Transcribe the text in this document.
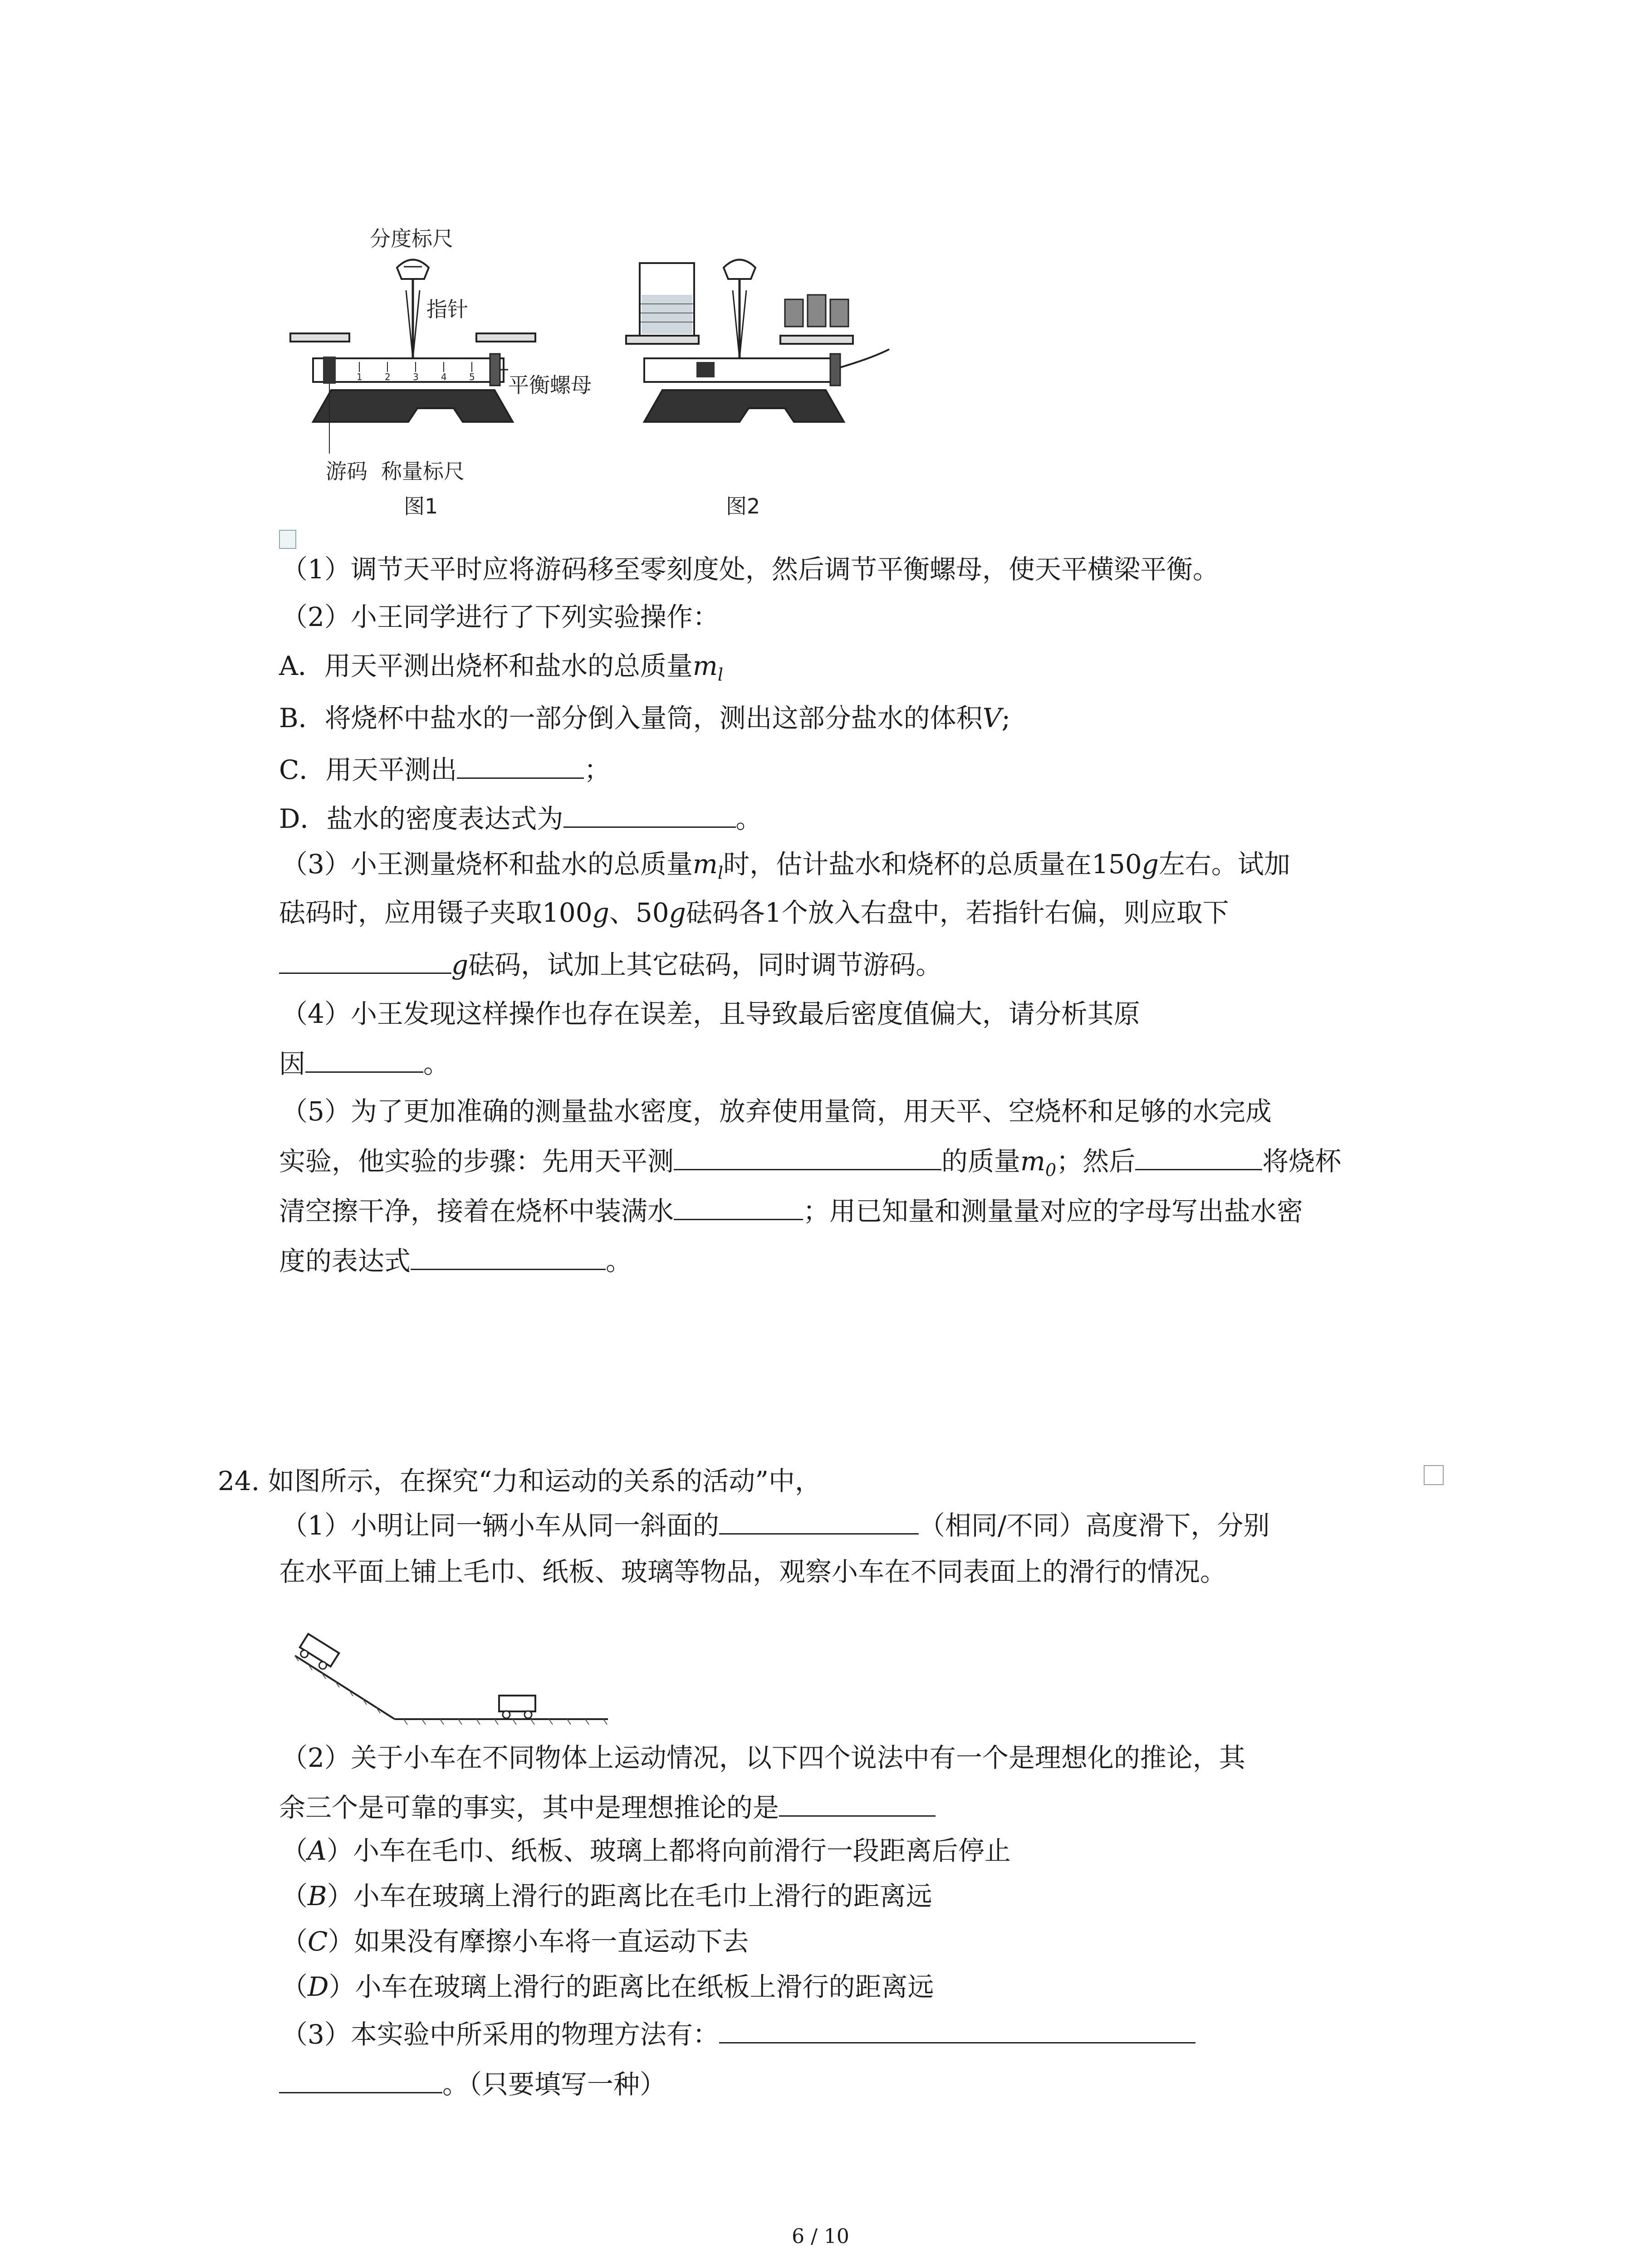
分度标尺
指针
1 2 3 4 5 平衡螺母
游码 称量标尺
图1	图2
（1）调节天平时应将游码移至零刻度处，然后调节平衡螺母，使天平横梁平衡。
（2）小王同学进行了下列实验操作：
A．用天平测出烧杯和盐水的总质量$m_l$
B．将烧杯中盐水的一部分倒入量筒，测出这部分盐水的体积V;
C．用天平测出	；
D．盐水的密度表达式为	。
（3）小王测量烧杯和盐水的总质量$m_l$时，估计盐水和烧杯的总质量在150g左右。试加
砝码时，应用镊子夹取100g、50g砝码各1个放入右盘中，若指针右偏，则应取下
g砝码，试加上其它砝码，同时调节游码。
（4）小王发现这样操作也存在误差，且导致最后密度值偏大，请分析其原
因	。
（5）为了更加准确的测量盐水密度，放弃使用量筒，用天平、空烧杯和足够的水完成
实验，他实验的步骤：先用天平测	的质量$m_0$；然后	将烧杯
清空擦干净，接着在烧杯中装满水	；用已知量和测量量对应的字母写出盐水密
度的表达式	。
24. 如图所示，在探究“力和运动的关系的活动”中，
（1）小明让同一辆小车从同一斜面的	（相同/不同）高度滑下，分别
在水平面上铺上毛巾、纸板、玻璃等物品，观察小车在不同表面上的滑行的情况。
（2）关于小车在不同物体上运动情况，以下四个说法中有一个是理想化的推论，其
余三个是可靠的事实，其中是理想推论的是
（A）小车在毛巾、纸板、玻璃上都将向前滑行一段距离后停止
（B）小车在玻璃上滑行的距离比在毛巾上滑行的距离远
（C）如果没有摩擦小车将一直运动下去
（D）小车在玻璃上滑行的距离比在纸板上滑行的距离远
（3）本实验中所采用的物理方法有：
。（只要填写一种）
6 / 10
